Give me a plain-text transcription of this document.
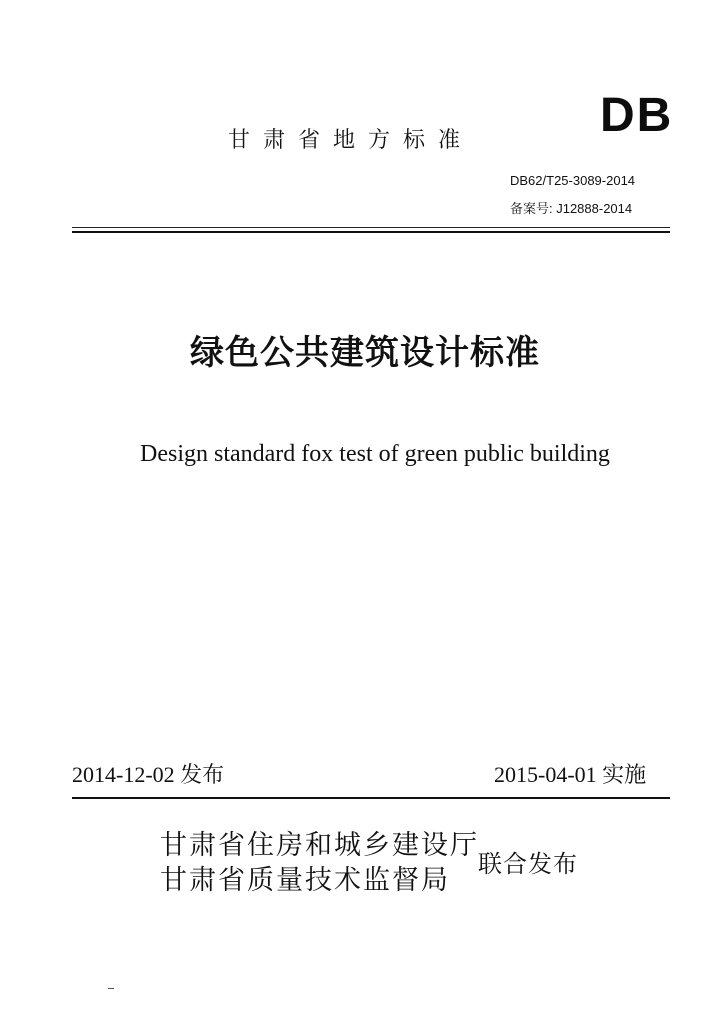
DB
甘肃省地方标准
DB62/T25-3089-2014
备案号: J12888-2014
绿色公共建筑设计标准
Design standard fox test of green public building
2014-12-02 发布	2015-04-01 实施
甘肃省住房和城乡建设厅
甘肃省质量技术监督局
联合发布
